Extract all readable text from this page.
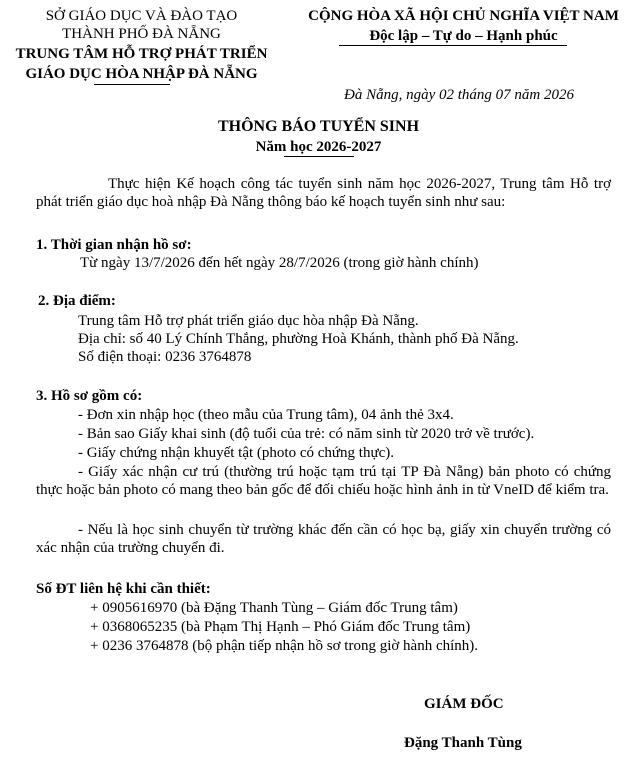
SỞ GIÁO DỤC VÀ ĐÀO TẠO
THÀNH PHỐ ĐÀ NẴNG
TRUNG TÂM HỖ TRỢ PHÁT TRIỂN
GIÁO DỤC HÒA NHẬP ĐÀ NẴNG
CỘNG HÒA XÃ HỘI CHỦ NGHĨA VIỆT NAM
Độc lập – Tự do – Hạnh phúc
Đà Nẵng, ngày 02 tháng 07 năm 2026
THÔNG BÁO TUYỂN SINH
Năm học 2026-2027
Thực hiện Kế hoạch công tác tuyển sinh năm học 2026-2027, Trung tâm Hỗ trợ phát triển giáo dục hoà nhập Đà Nẵng thông báo kế hoạch tuyển sinh như sau:
1. Thời gian nhận hồ sơ:
Từ ngày 13/7/2026 đến hết ngày 28/7/2026 (trong giờ hành chính)
2. Địa điểm:
Trung tâm Hỗ trợ phát triển giáo dục hòa nhập Đà Nẵng.
Địa chỉ: số 40 Lý Chính Thắng, phường Hoà Khánh, thành phố Đà Nẵng.
Số điện thoại: 0236 3764878
3. Hồ sơ gồm có:
- Đơn xin nhập học (theo mẫu của Trung tâm), 04 ảnh thẻ 3x4.
- Bản sao Giấy khai sinh (độ tuổi của trẻ: có năm sinh từ 2020 trở về trước).
- Giấy chứng nhận khuyết tật (photo có chứng thực).
- Giấy xác nhận cư trú (thường trú hoặc tạm trú tại TP Đà Nẵng) bản photo có chứng thực hoặc bản photo có mang theo bản gốc để đối chiếu hoặc hình ảnh in từ VneID để kiểm tra.
- Nếu là học sinh chuyển từ trường khác đến cần có học bạ, giấy xin chuyển trường có xác nhận của trường chuyển đi.
Số ĐT liên hệ khi cần thiết:
+ 0905616970 (bà Đặng Thanh Tùng – Giám đốc Trung tâm)
+ 0368065235 (bà Phạm Thị Hạnh – Phó Giám đốc Trung tâm)
+ 0236 3764878 (bộ phận tiếp nhận hồ sơ trong giờ hành chính).
GIÁM ĐỐC
Đặng Thanh Tùng
